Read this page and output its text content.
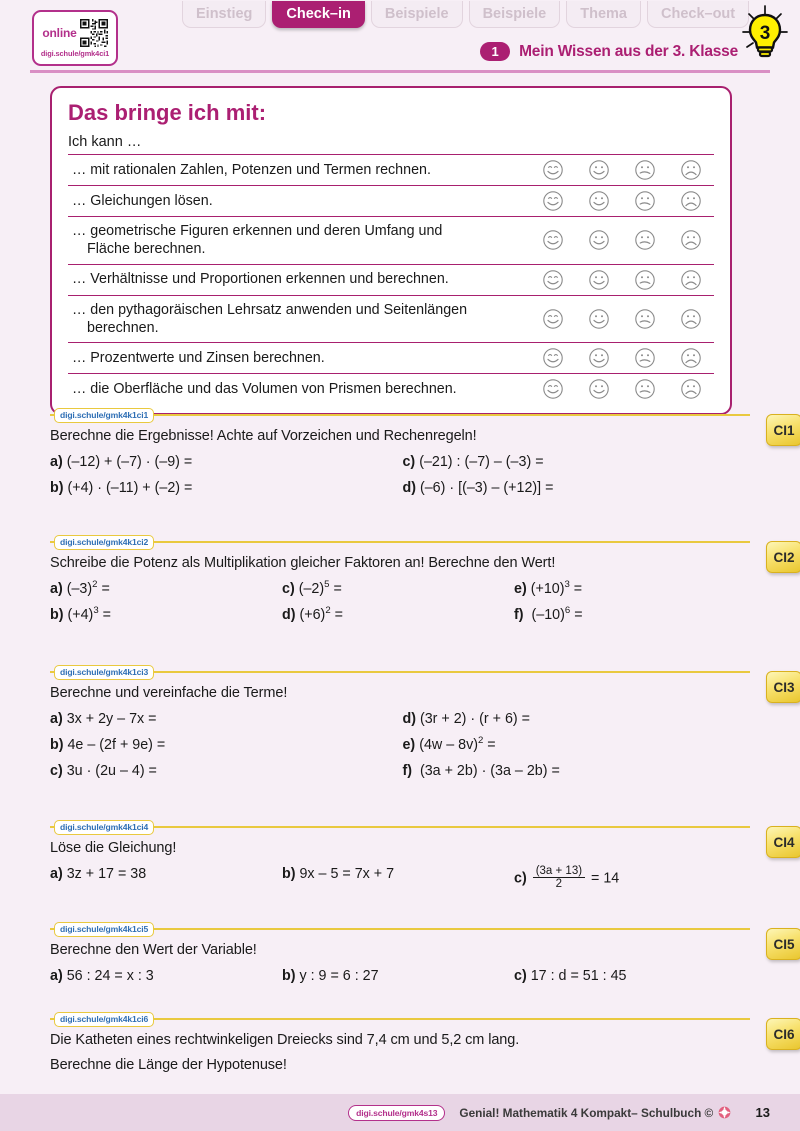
online
digi.schule/gmk4ci1
Einstieg	Check–in	Beispiele	Beispiele	Thema	Check–out
1	Mein Wissen aus der 3. Klasse
3
Das bringe ich mit:
Ich kann …
… mit rationalen Zahlen, Potenzen und Termen rechnen.				
… Gleichungen lösen.				
… geometrische Figuren erkennen und deren Umfang und
Fläche berechnen.

… Verhältnisse und Proportionen erkennen und berechnen.				
… den pythagoräischen Lehrsatz anwenden und Seitenlängen
berechnen.

… Prozentwerte und Zinsen berechnen.				
… die Oberfläche und das Volumen von Prismen berechnen.				
digi.schule/gmk4k1ci1
CI1
Berechne die Ergebnisse! Achte auf Vorzeichen und Rechenregeln!
a) (–12) + (–7) · (–9) =	c) (–21) : (–7) – (–3) =
b) (+4) · (–11) + (–2) =	d) (–6) · [(–3) – (+12)] =
digi.schule/gmk4k1ci2
CI2
Schreibe die Potenz als Multiplikation gleicher Faktoren an! Berechne den Wert!
a) $(-3)^2$ =	c) $(-2)^5$ =	e) $(+10)^3$ =
b) $(+4)^3$ =	d) $(+6)^2$ =	f)  $(-10)^6$ =
digi.schule/gmk4k1ci3
CI3
Berechne und vereinfache die Terme!
a) 3x + 2y – 7x =	d) (3r + 2) · (r + 6) =
b) 4e – (2f + 9e) =	e) (4w – 8v)$^2$ =
c) 3u · (2u – 4) =	f)  (3a + 2b) · (3a – 2b) =
digi.schule/gmk4k1ci4
CI4
Löse die Gleichung!
a) 3z + 17 = 38	b) 9x – 5 = 7x + 7	$c) \frac{(3a + 13)}{2} = 14$
digi.schule/gmk4k1ci5
CI5
Berechne den Wert der Variable!
a) 56 : 24 = x : 3	b) y : 9 = 6 : 27	c) 17 : d = 51 : 45
digi.schule/gmk4k1ci6
CI6
Die Katheten eines rechtwinkeligen Dreiecks sind 7,4 cm und 5,2 cm lang.
Berechne die Länge der Hypotenuse!
digi.schule/gmk4s13	Genial! Mathematik 4 Kompakt– Schulbuch ©	13
